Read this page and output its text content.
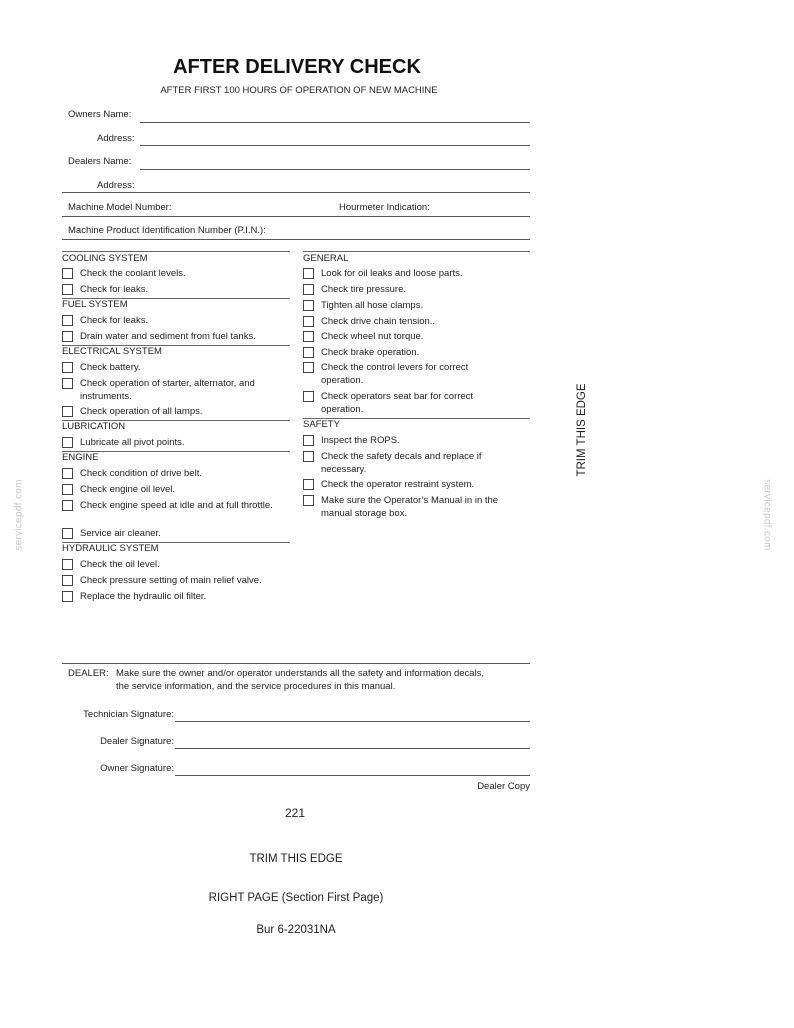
AFTER DELIVERY CHECK
AFTER FIRST 100 HOURS OF OPERATION OF NEW MACHINE
Owners Name:
Address:
Dealers Name:
Address:
Machine Model Number:	Hourmeter Indication:
Machine Product Identification Number (P.I.N.):
COOLING SYSTEM
Check the coolant levels.
Check for leaks.
FUEL SYSTEM
Check for leaks.
Drain water and sediment from fuel tanks.
ELECTRICAL SYSTEM
Check battery.
Check operation of starter, alternator, and instruments.
Check operation of all lamps.
LUBRICATION
Lubricate all pivot points.
ENGINE
Check condition of drive belt.
Check engine oil level.
Check engine speed at idle and at full throttle.
Service air cleaner.
HYDRAULIC SYSTEM
Check the oil level.
Check pressure setting of main relief valve.
Replace the hydraulic oil filter.
GENERAL
Look for oil leaks and loose parts.
Check tire pressure.
Tighten all hose clamps.
Check drive chain tension..
Check wheel nut torque.
Check brake operation.
Check the control levers for correct operation.
Check operators seat bar for correct operation.
SAFETY
Inspect the ROPS.
Check the safety decals and replace if necessary.
Check the operator restraint system.
Make sure the Operator’s Manual in in the manual storage box.
TRIM THIS EDGE
servicepdf.com	servicepdf.com
DEALER: Make sure the owner and/or operator understands all the safety and information decals,
the service information, and the service procedures in this manual.
Technician Signature:
Dealer Signature:
Owner Signature:
Dealer Copy
221
TRIM THIS EDGE
RIGHT PAGE (Section First Page)
Bur 6-22031NA
